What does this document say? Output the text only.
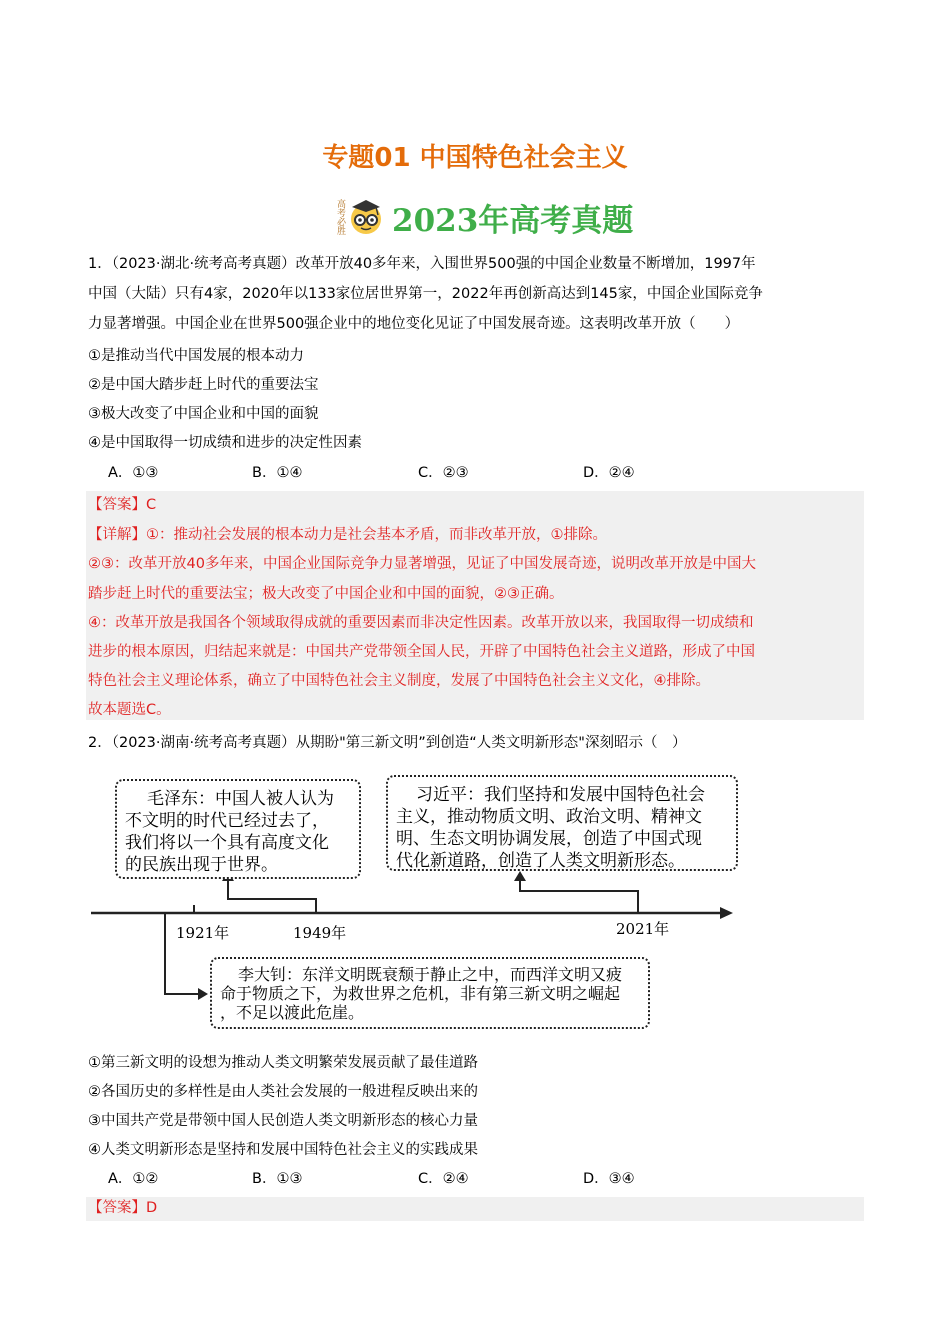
专题01 中国特色社会主义
高考必胜 2023年高考真题
1．（2023·湖北·统考高考真题）改革开放40多年来，入围世界500强的中国企业数量不断增加，1997年
中国（大陆）只有4家，2020年以133家位居世界第一，2022年再创新高达到145家，中国企业国际竞争
力显著增强。中国企业在世界500强企业中的地位变化见证了中国发展奇迹。这表明改革开放（　　）
①是推动当代中国发展的根本动力
②是中国大踏步赶上时代的重要法宝
③极大改变了中国企业和中国的面貌
④是中国取得一切成绩和进步的决定性因素
A．①③	B．①④	C．②③	D．②④
【答案】C
【详解】①：推动社会发展的根本动力是社会基本矛盾，而非改革开放，①排除。
②③：改革开放40多年来，中国企业国际竞争力显著增强，见证了中国发展奇迹，说明改革开放是中国大
踏步赶上时代的重要法宝；极大改变了中国企业和中国的面貌，②③正确。
④：改革开放是我国各个领域取得成就的重要因素而非决定性因素。改革开放以来，我国取得一切成绩和
进步的根本原因，归结起来就是：中国共产党带领全国人民，开辟了中国特色社会主义道路，形成了中国
特色社会主义理论体系，确立了中国特色社会主义制度，发展了中国特色社会主义文化，④排除。
故本题选C。
2．（2023·湖南·统考高考真题）从期盼"第三新文明”到创造“人类文明新形态"深刻昭示（　）
毛泽东：中国人被人认为
不文明的时代已经过去了，
我们将以一个具有高度文化
的民族出现于世界。
习近平：我们坚持和发展中国特色社会
主义，推动物质文明、政治文明、精神文
明、生态文明协调发展，创造了中国式现
代化新道路，创造了人类文明新形态。
1921年	1949年	2021年
李大钊：东洋文明既衰颓于静止之中，而西洋文明又疲
命于物质之下，为救世界之危机，非有第三新文明之崛起
，不足以渡此危崖。
①第三新文明的设想为推动人类文明繁荣发展贡献了最佳道路
②各国历史的多样性是由人类社会发展的一般进程反映出来的
③中国共产党是带领中国人民创造人类文明新形态的核心力量
④人类文明新形态是坚持和发展中国特色社会主义的实践成果
A．①②	B．①③	C．②④	D．③④
【答案】D
